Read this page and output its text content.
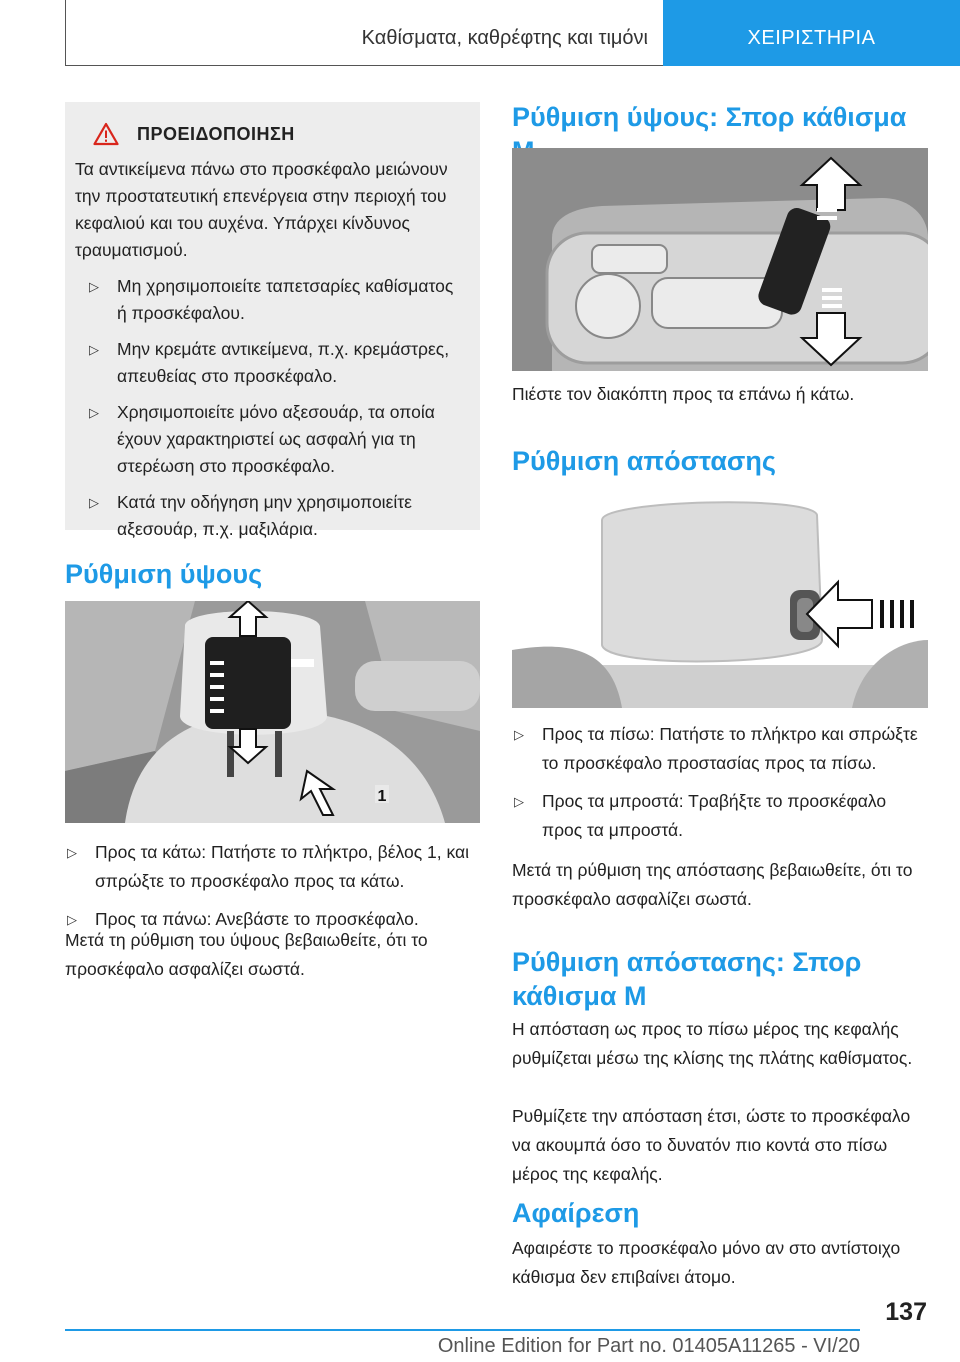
Καθίσματα, καθρέφτης και τιμόνι	ΧΕΙΡΙΣΤΗΡΙΑ
ΠΡΟΕΙΔΟΠΟΙΗΣΗ

Τα αντικείμενα πάνω στο προσκέφαλο μειώνουν την προστατευτική επενέργεια στην περιοχή του κεφαλιού και του αυχένα. Υπάρχει κίνδυνος τραυματισμού.

▷ Μη χρησιμοποιείτε ταπετσαρίες καθίσματος ή προσκέφαλου.
▷ Μην κρεμάτε αντικείμενα, π.χ. κρεμάστρες, απευθείας στο προσκέφαλο.
▷ Χρησιμοποιείτε μόνο αξεσουάρ, τα οποία έχουν χαρακτηριστεί ως ασφαλή για τη στερέωση στο προσκέφαλο.
▷ Κατά την οδήγηση μην χρησιμοποιείτε αξεσουάρ, π.χ. μαξιλάρια.
Ρύθμιση ύψους
1
▷ Προς τα κάτω: Πατήστε το πλήκτρο, βέλος 1, και σπρώξτε το προσκέφαλο προς τα κάτω.
▷ Προς τα πάνω: Ανεβάστε το προσκέφαλο.
Μετά τη ρύθμιση του ύψους βεβαιωθείτε, ότι το προσκέφαλο ασφαλίζει σωστά.
Ρύθμιση ύψους: Σπορ κάθισμα
Πιέστε τον διακόπτη προς τα επάνω ή κάτω.
Ρύθμιση απόστασης
▷ Προς τα πίσω: Πατήστε το πλήκτρο και σπρώξτε το προσκέφαλο προστασίας προς τα πίσω.
▷ Προς τα μπροστά: Τραβήξτε το προσκέφαλο προς τα μπροστά.
Μετά τη ρύθμιση της απόστασης βεβαιωθείτε, ότι το προσκέφαλο ασφαλίζει σωστά.
Ρύθμιση απόστασης: Σπορ κάθισμα M
Η απόσταση ως προς το πίσω μέρος της κεφαλής ρυθμίζεται μέσω της κλίσης της πλάτης καθίσματος.
Ρυθμίζετε την απόσταση έτσι, ώστε το προσκέφαλο να ακουμπά όσο το δυνατόν πιο κοντά στο πίσω μέρος της κεφαλής.
Αφαίρεση
Αφαιρέστε το προσκέφαλο μόνο αν στο αντίστοιχο κάθισμα δεν επιβαίνει άτομο.
137
Online Edition for Part no. 01405A11265 - VI/20
